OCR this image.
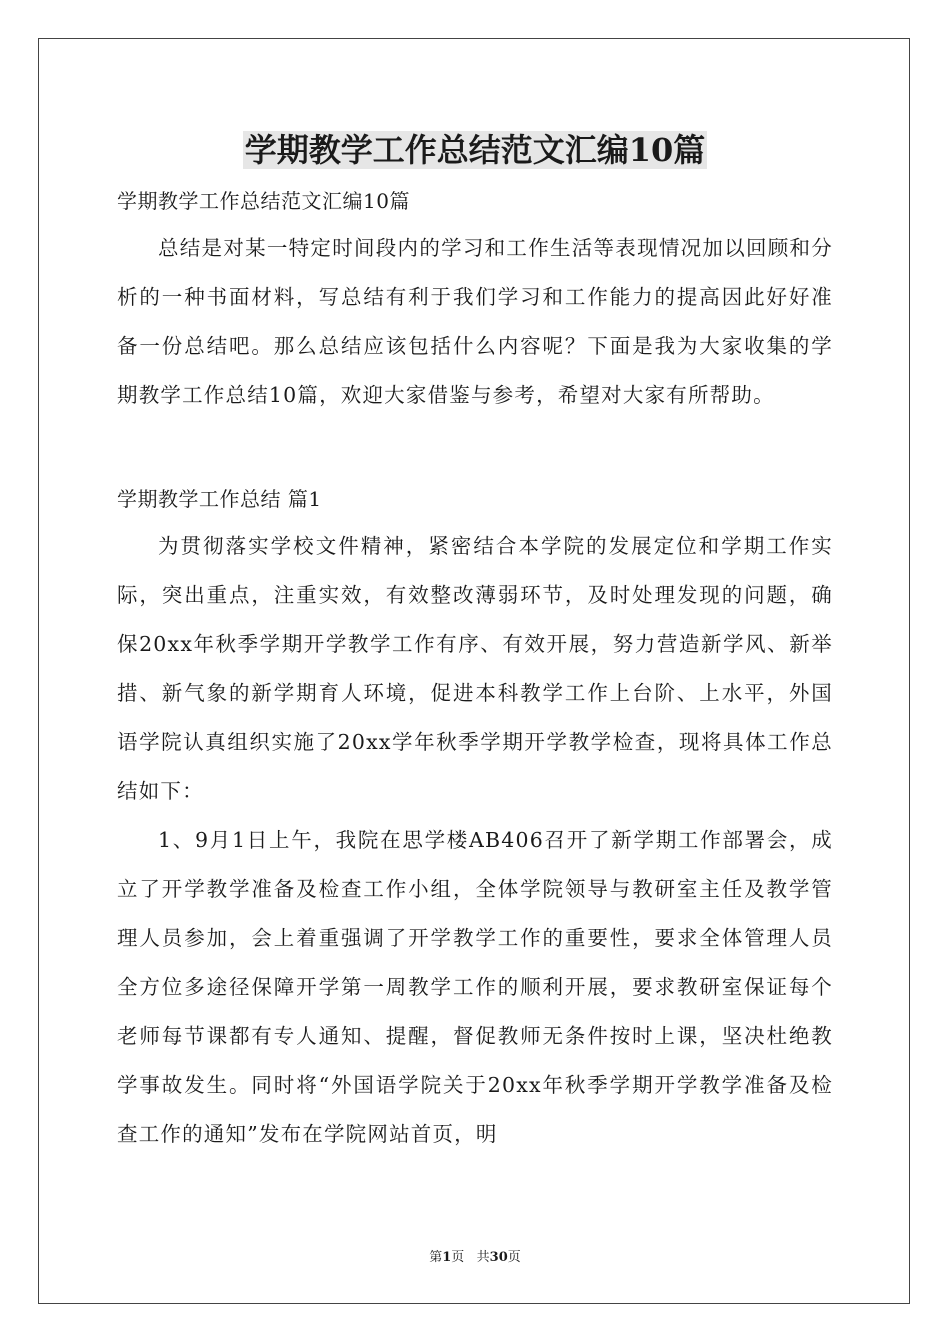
学期教学工作总结范文汇编10篇
学期教学工作总结范文汇编10篇

总结是对某一特定时间段内的学习和工作生活等表现情况加以回顾和分析的一种书面材料，写总结有利于我们学习和工作能力的提高因此好好准备一份总结吧。那么总结应该包括什么内容呢？下面是我为大家收集的学期教学工作总结10篇，欢迎大家借鉴与参考，希望对大家有所帮助。

学期教学工作总结 篇1

为贯彻落实学校文件精神，紧密结合本学院的发展定位和学期工作实际，突出重点，注重实效，有效整改薄弱环节，及时处理发现的问题，确保20xx年秋季学期开学教学工作有序、有效开展，努力营造新学风、新举措、新气象的新学期育人环境，促进本科教学工作上台阶、上水平，外国语学院认真组织实施了20xx学年秋季学期开学教学检查，现将具体工作总结如下：

1、9月1日上午，我院在思学楼AB406召开了新学期工作部署会，成立了开学教学准备及检查工作小组，全体学院领导与教研室主任及教学管理人员参加，会上着重强调了开学教学工作的重要性，要求全体管理人员全方位多途径保障开学第一周教学工作的顺利开展，要求教研室保证每个老师每节课都有专人通知、提醒，督促教师无条件按时上课，坚决杜绝教学事故发生。同时将“外国语学院关于20xx年秋季学期开学教学准备及检查工作的通知”发布在学院网站首页，明

第1页   共30页
